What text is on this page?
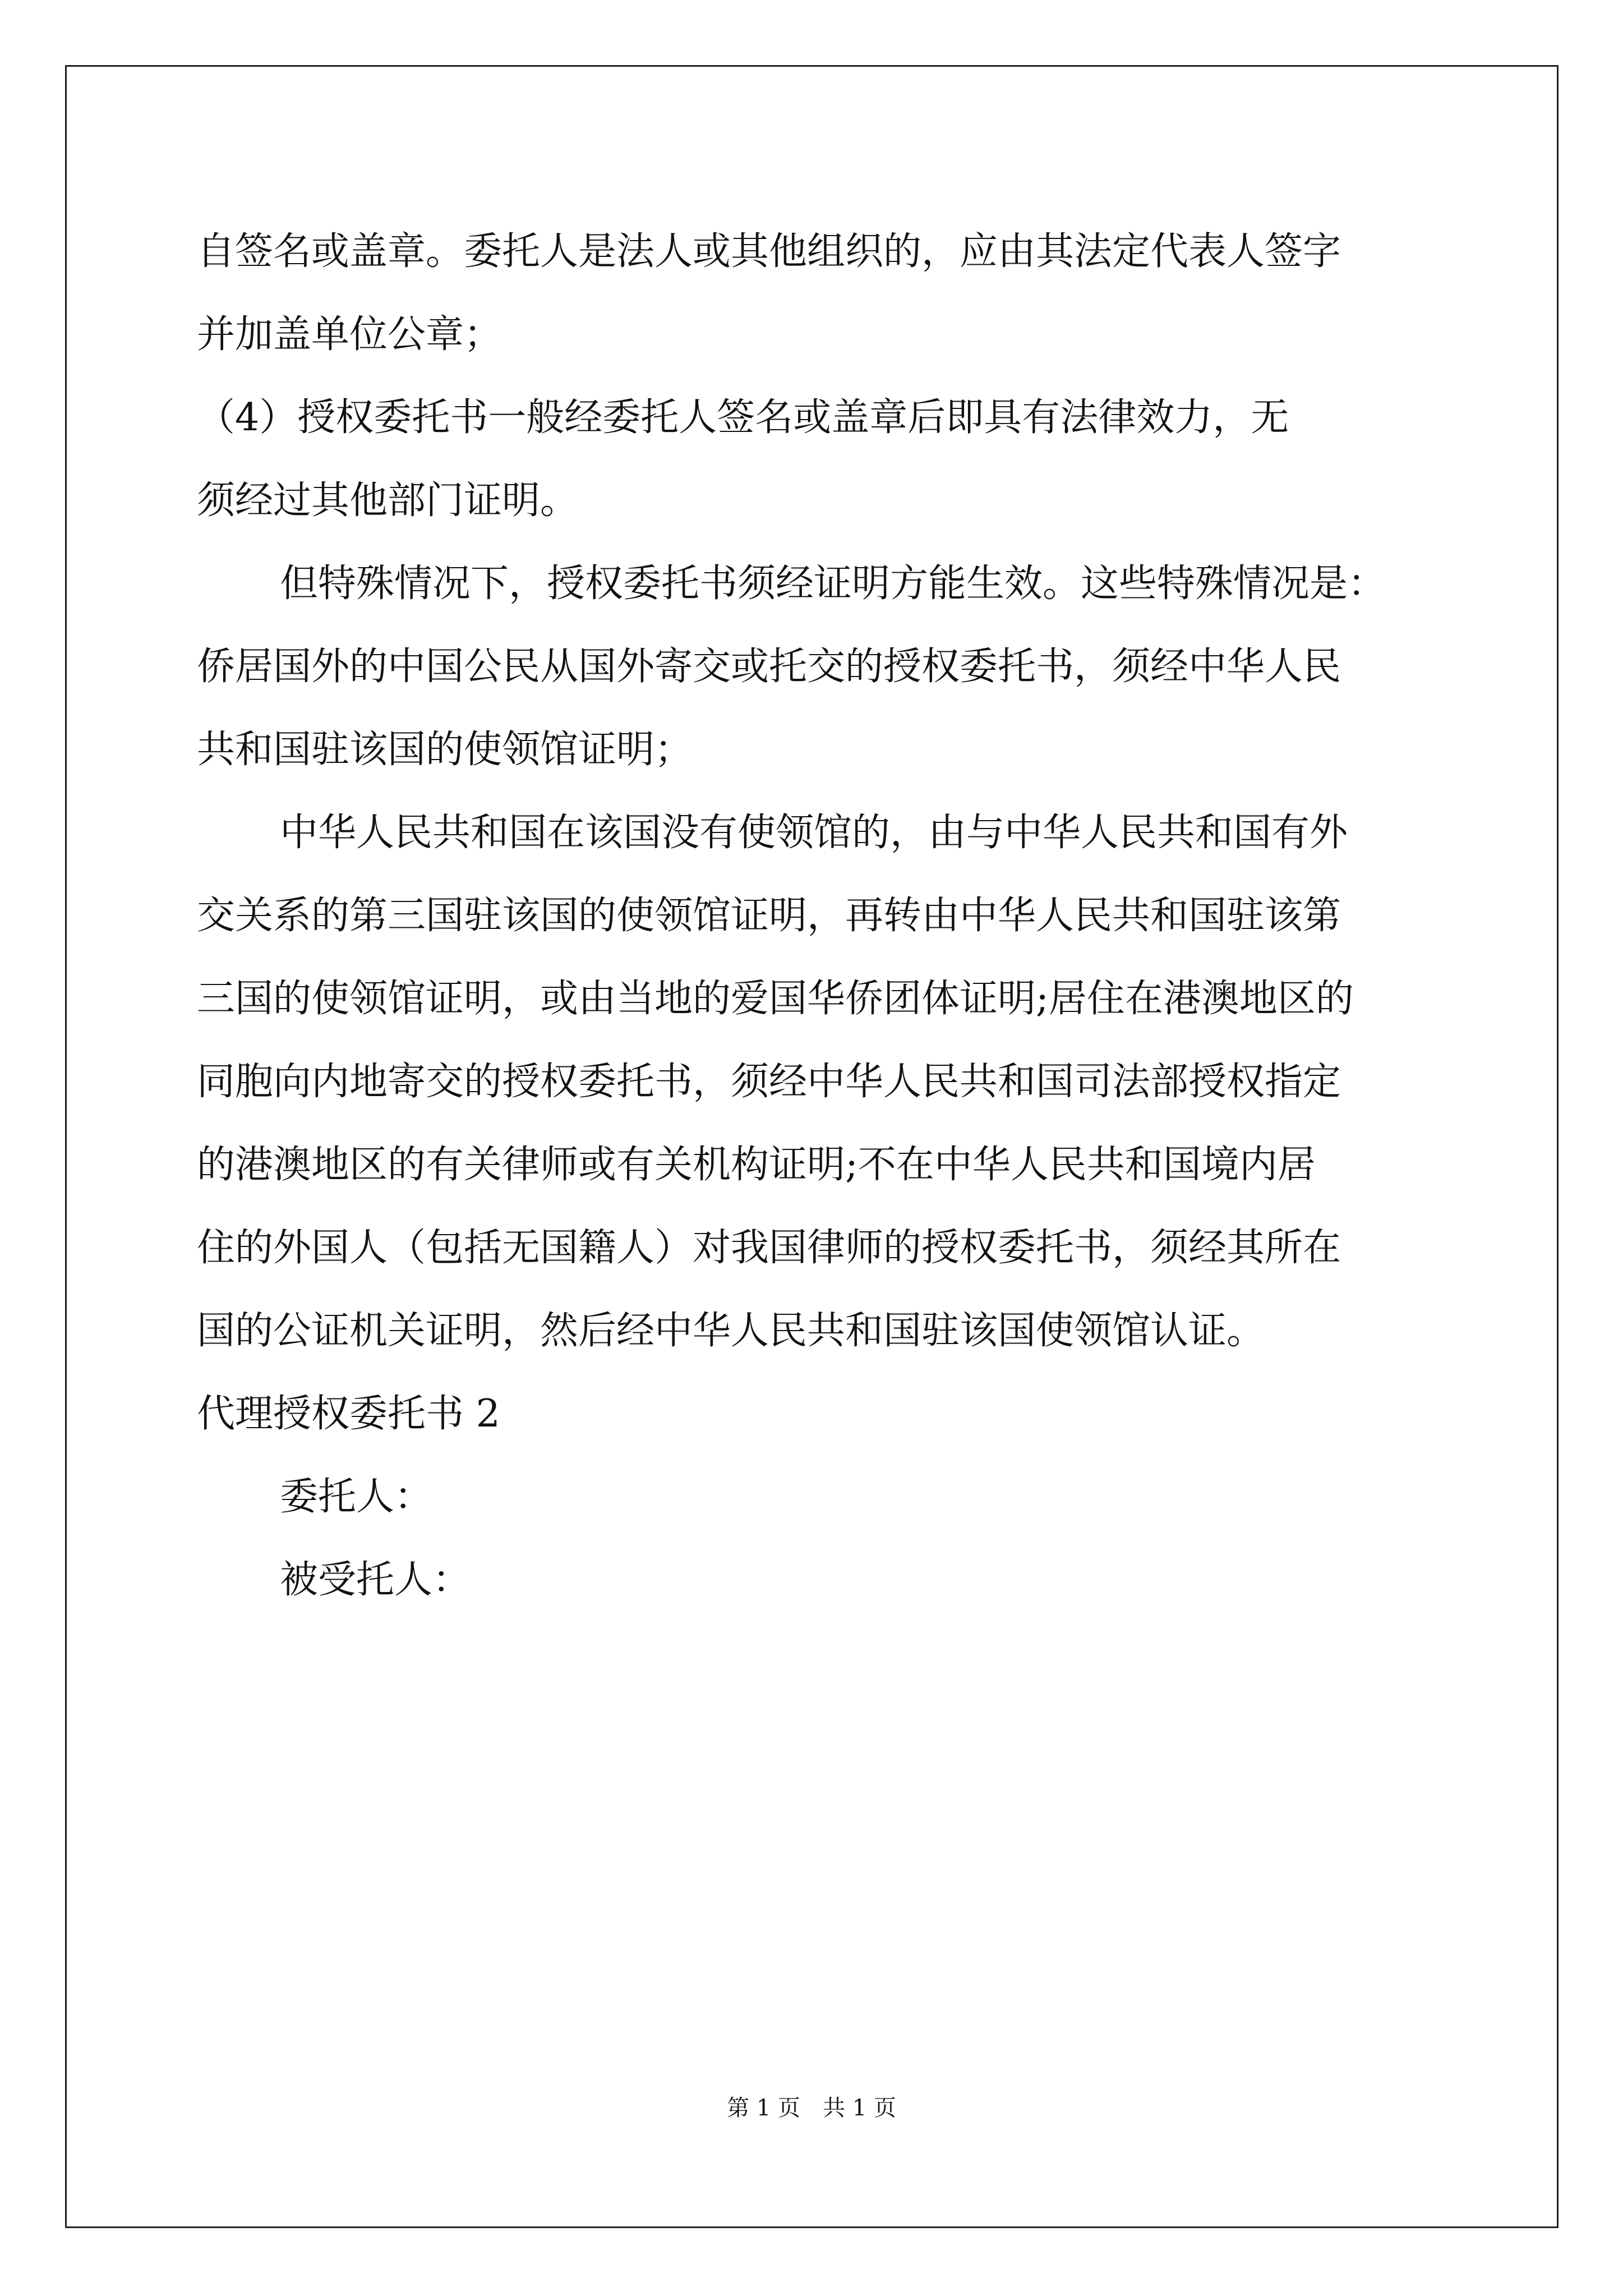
自签名或盖章。委托人是法人或其他组织的，应由其法定代表人签字
并加盖单位公章；
（4）授权委托书一般经委托人签名或盖章后即具有法律效力，无
须经过其他部门证明。
但特殊情况下，授权委托书须经证明方能生效。这些特殊情况是：
侨居国外的中国公民从国外寄交或托交的授权委托书，须经中华人民
共和国驻该国的使领馆证明；
中华人民共和国在该国没有使领馆的，由与中华人民共和国有外
交关系的第三国驻该国的使领馆证明，再转由中华人民共和国驻该第
三国的使领馆证明，或由当地的爱国华侨团体证明;居住在港澳地区的
同胞向内地寄交的授权委托书，须经中华人民共和国司法部授权指定
的港澳地区的有关律师或有关机构证明;不在中华人民共和国境内居
住的外国人（包括无国籍人）对我国律师的授权委托书，须经其所在
国的公证机关证明，然后经中华人民共和国驻该国使领馆认证。
代理授权委托书 2
委托人：
被受托人：
第 1 页　共 1 页
